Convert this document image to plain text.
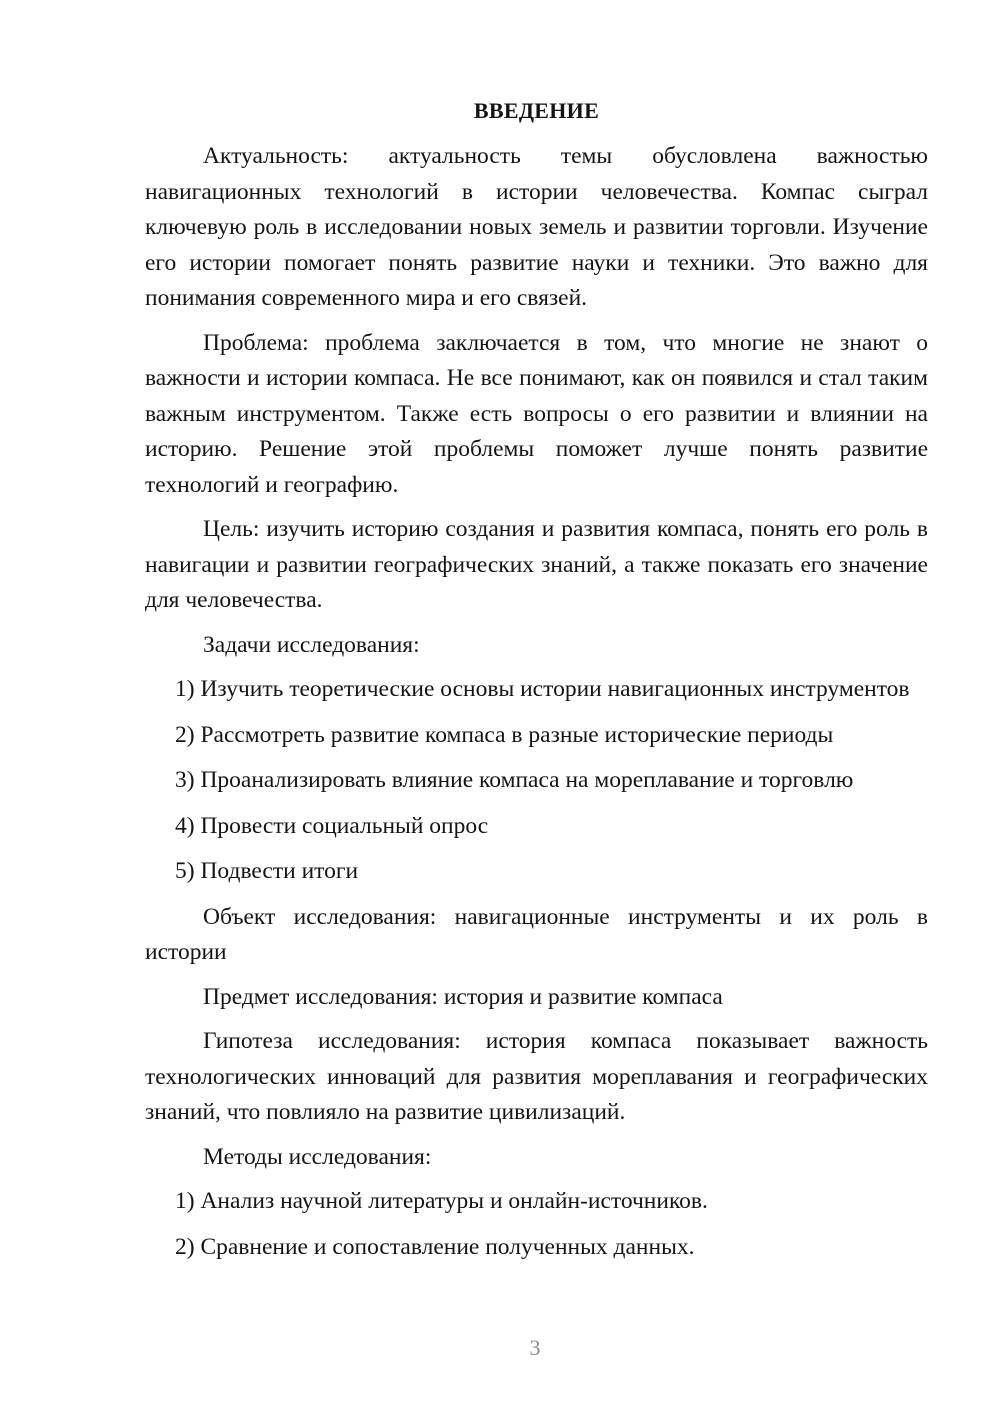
ВВЕДЕНИЕ

Актуальность: актуальность темы обусловлена важностью навигационных технологий в истории человечества. Компас сыграл ключевую роль в исследовании новых земель и развитии торговли. Изучение его истории помогает понять развитие науки и техники. Это важно для понимания современного мира и его связей.

Проблема: проблема заключается в том, что многие не знают о важности и истории компаса. Не все понимают, как он появился и стал таким важным инструментом. Также есть вопросы о его развитии и влиянии на историю. Решение этой проблемы поможет лучше понять развитие технологий и географию.

Цель: изучить историю создания и развития компаса, понять его роль в навигации и развитии географических знаний, а также показать его значение для человечества.

Задачи исследования:

1) Изучить теоретические основы истории навигационных инструментов

2) Рассмотреть развитие компаса в разные исторические периоды

3) Проанализировать влияние компаса на мореплавание и торговлю

4) Провести социальный опрос

5) Подвести итоги

Объект исследования: навигационные инструменты и их роль в истории

Предмет исследования: история и развитие компаса

Гипотеза исследования: история компаса показывает важность технологических инноваций для развития мореплавания и географических знаний, что повлияло на развитие цивилизаций.

Методы исследования:

1) Анализ научной литературы и онлайн-источников.

2) Сравнение и сопоставление полученных данных.

3
